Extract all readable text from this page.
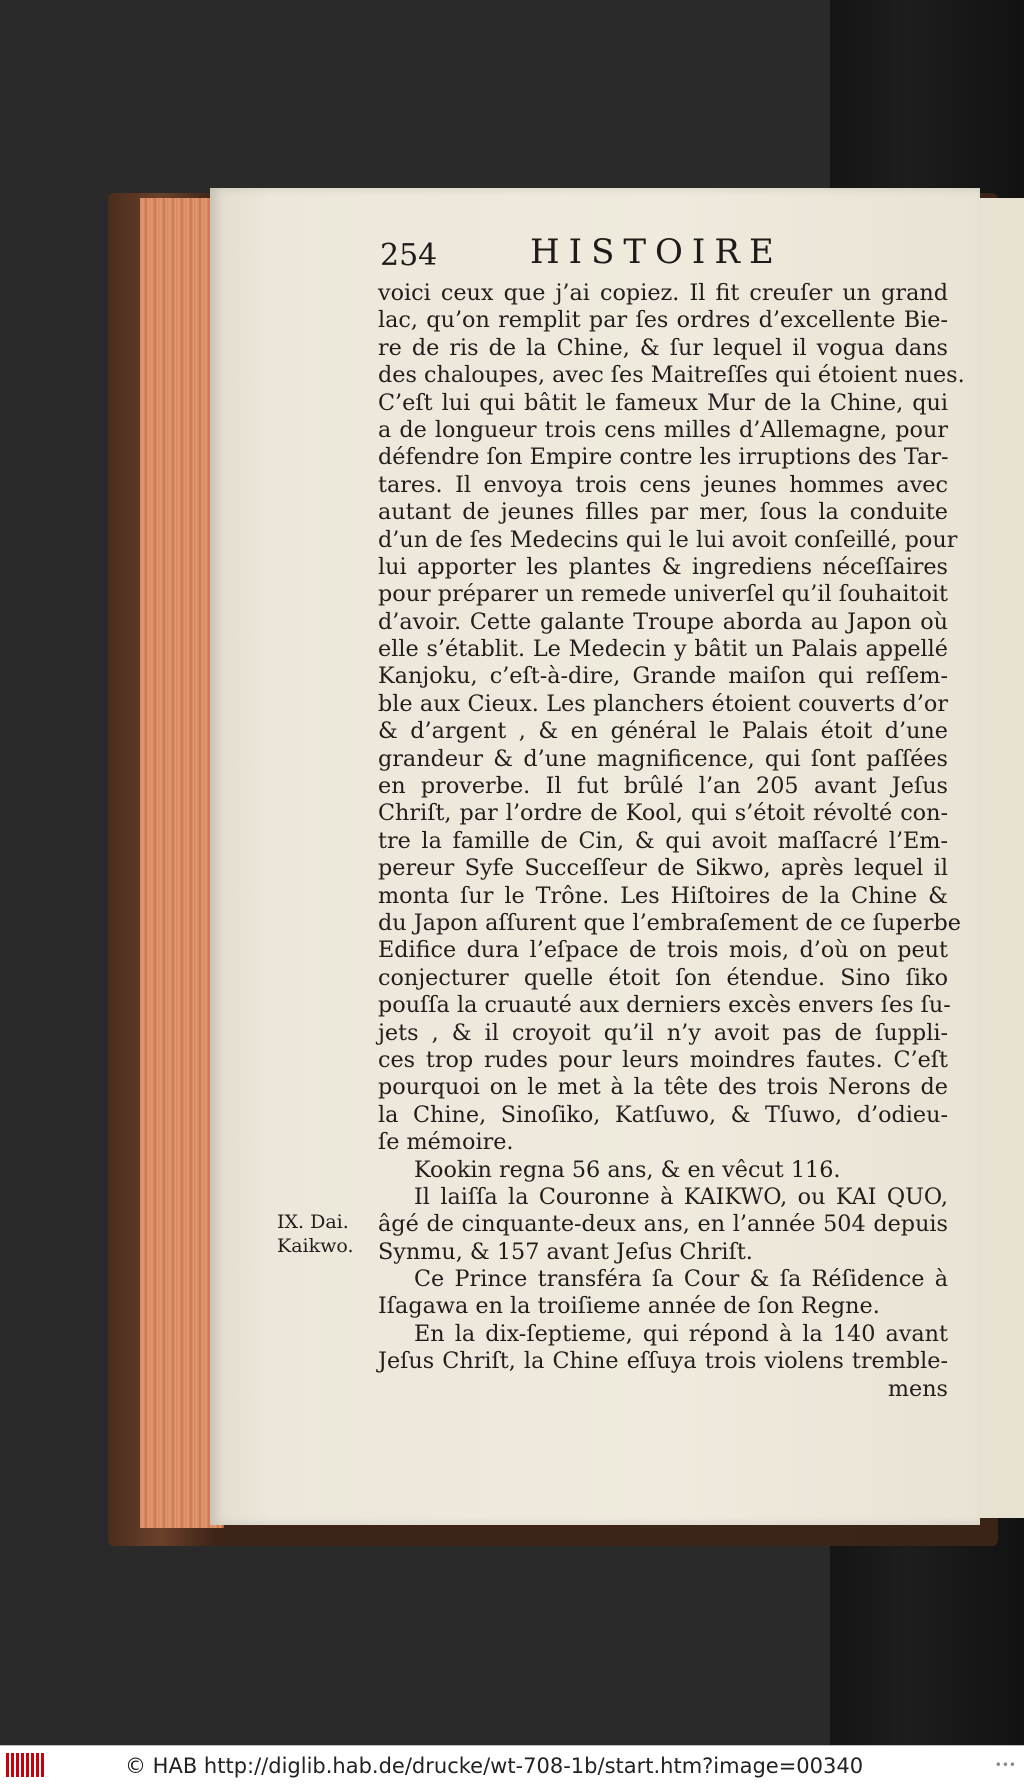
254	HISTOIRE
voici ceux que j’ai copiez. Il fit creuſer un grand
lac, qu’on remplit par ſes ordres d’excellente Bie-
re de ris de la Chine, & ſur lequel il vogua dans
des chaloupes, avec ſes Maitreſſes qui étoient nues.
C’eſt lui qui bâtit le fameux Mur de la Chine, qui
a de longueur trois cens milles d’Allemagne, pour
défendre ſon Empire contre les irruptions des Tar-
tares. Il envoya trois cens jeunes hommes avec
autant de jeunes filles par mer, ſous la conduite
d’un de ſes Medecins qui le lui avoit conſeillé, pour
lui apporter les plantes & ingrediens néceſſaires
pour préparer un remede univerſel qu’il ſouhaitoit
d’avoir. Cette galante Troupe aborda au Japon où
elle s’établit. Le Medecin y bâtit un Palais appellé
Kanjoku, c’eſt-à-dire, Grande maiſon qui reſſem-
ble aux Cieux. Les planchers étoient couverts d’or
& d’argent , & en général le Palais étoit d’une
grandeur & d’une magnificence, qui ſont paſſées
en proverbe. Il fut brûlé l’an 205 avant Jeſus
Chriſt, par l’ordre de Kool, qui s’étoit révolté con-
tre la famille de Cin, & qui avoit maſſacré l’Em-
pereur Syfe Succeſſeur de Sikwo, après lequel il
monta ſur le Trône. Les Hiſtoires de la Chine &
du Japon aſſurent que l’embraſement de ce ſuperbe
Edifice dura l’eſpace de trois mois, d’où on peut
conjecturer quelle étoit ſon étendue. Sino ſiko
pouſſa la cruauté aux derniers excès envers ſes ſu-
jets , & il croyoit qu’il n’y avoit pas de ſuppli-
ces trop rudes pour leurs moindres fautes. C’eſt
pourquoi on le met à la tête des trois Nerons de
la Chine, Sinoſiko, Katſuwo, & Tſuwo, d’odieu-
ſe mémoire.
Kookin regna 56 ans, & en vêcut 116.
Il laiſſa la Couronne à KAIKWO, ou KAI QUO,
âgé de cinquante-deux ans, en l’année 504 depuis
Synmu, & 157 avant Jeſus Chriſt.
Ce Prince transféra ſa Cour & ſa Réſidence à
Iſagawa en la troiſieme année de ſon Regne.
En la dix-ſeptieme, qui répond à la 140 avant
Jeſus Chriſt, la Chine eſſuya trois violens tremble-
mens
IX. Dai.
Kaikwo.
© HAB http://diglib.hab.de/drucke/wt-708-1b/start.htm?image=00340	•••
